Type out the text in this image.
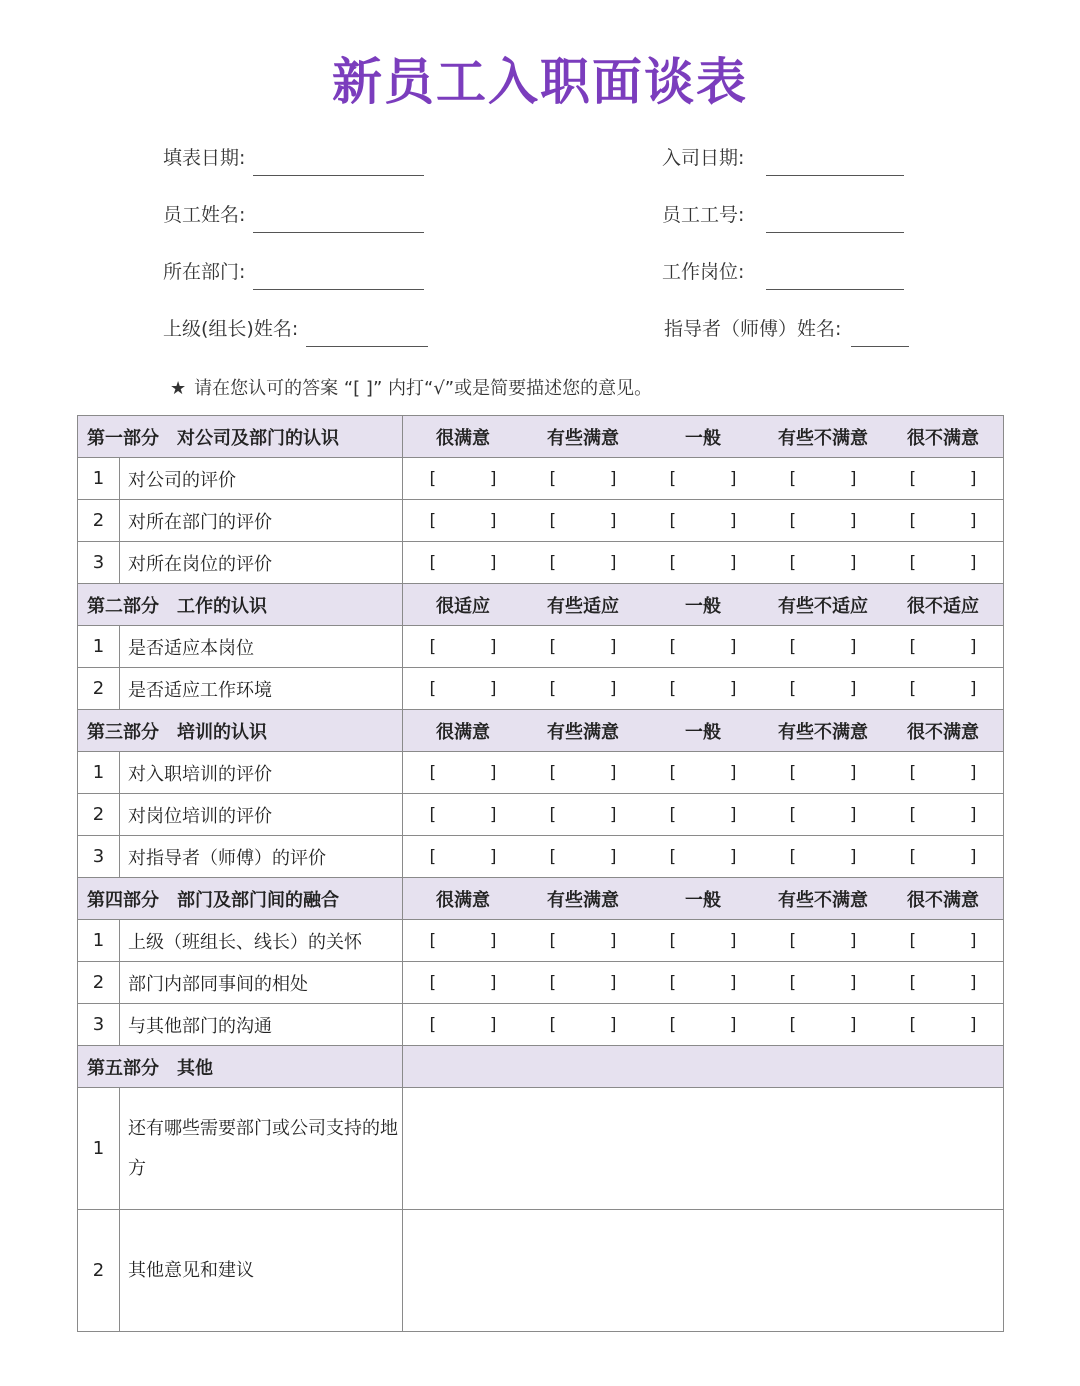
新员工入职面谈表
填表日期:	入司日期:
员工姓名:	员工工号:
所在部门:	工作岗位:
上级(组长)姓名:	指导者（师傅）姓名:
★ 请在您认可的答案 “[ ]” 内打“√”或是简要描述您的意见。
第一部分　对公司及部门的认识		很满意 有些满意 一般 有些不满意 很不满意

1	对公司的评价	[     ] [     ] [     ] [     ] [     ]

2	对所在部门的评价	[     ] [     ] [     ] [     ] [     ]

3	对所在岗位的评价	[     ] [     ] [     ] [     ] [     ]

第二部分　工作的认识		很适应 有些适应 一般 有些不适应 很不适应

1	是否适应本岗位	[     ] [     ] [     ] [     ] [     ]

2	是否适应工作环境	[     ] [     ] [     ] [     ] [     ]

第三部分　培训的认识		很满意 有些满意 一般 有些不满意 很不满意

1	对入职培训的评价	[     ] [     ] [     ] [     ] [     ]

2	对岗位培训的评价	[     ] [     ] [     ] [     ] [     ]

3	对指导者（师傅）的评价	[     ] [     ] [     ] [     ] [     ]

第四部分　部门及部门间的融合		很满意 有些满意 一般 有些不满意 很不满意

1	上级（班组长、线长）的关怀	[     ] [     ] [     ] [     ] [     ]

2	部门内部同事间的相处	[     ] [     ] [     ] [     ] [     ]

3	与其他部门的沟通	[     ] [     ] [     ] [     ] [     ]

第五部分　其他		
1	还有哪些需要部门或公司支持的地方	
2	其他意见和建议	
